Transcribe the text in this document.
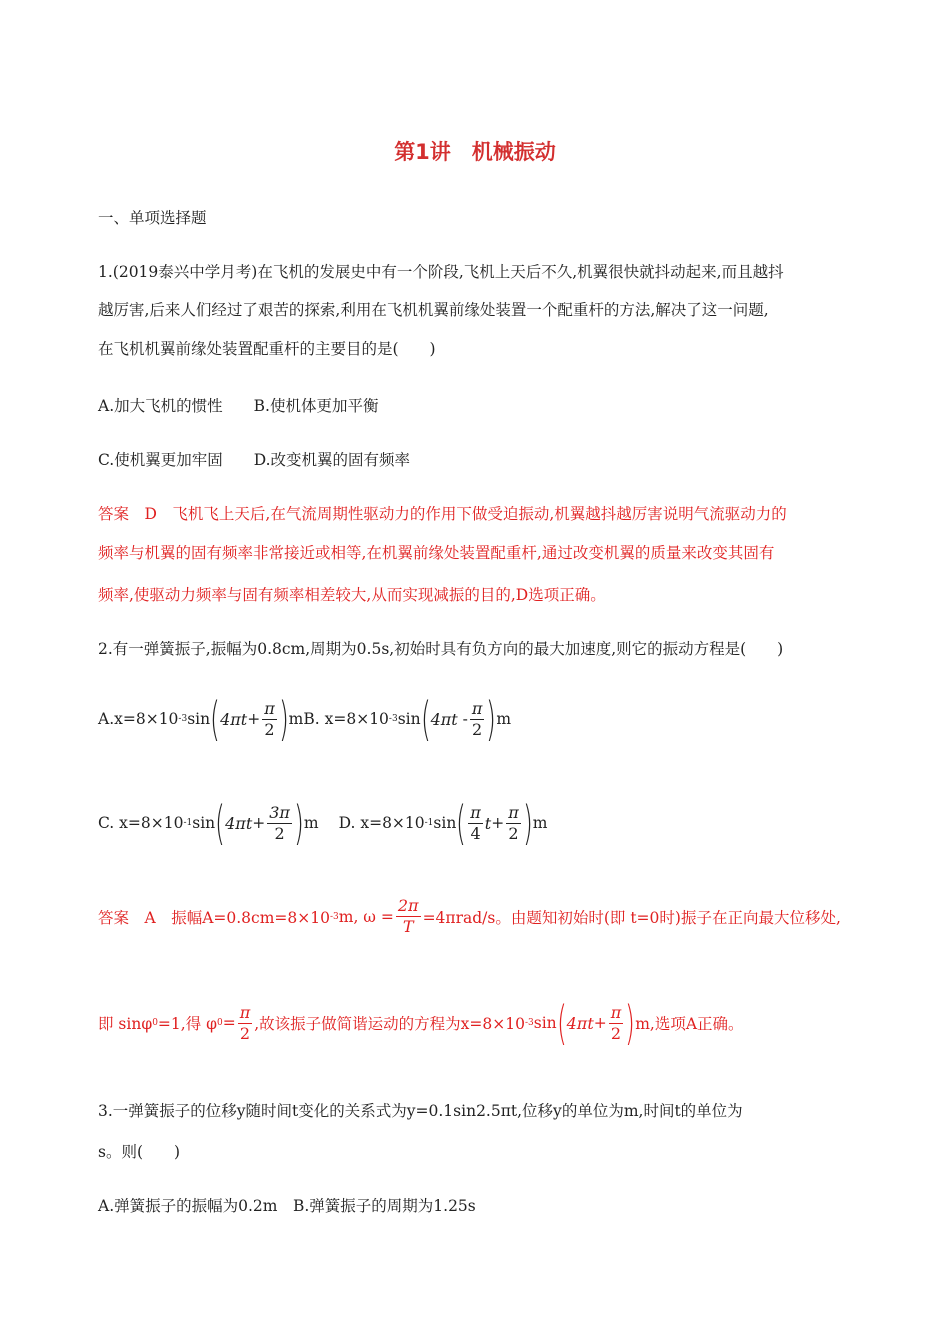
第1讲　机械振动
一、单项选择题
1.(2019泰兴中学月考)在飞机的发展史中有一个阶段,飞机上天后不久,机翼很快就抖动起来,而且越抖
越厉害,后来人们经过了艰苦的探索,利用在飞机机翼前缘处装置一个配重杆的方法,解决了这一问题,
在飞机机翼前缘处装置配重杆的主要目的是(　　)
A.加大飞机的惯性　　B.使机体更加平衡
C.使机翼更加牢固　　D.改变机翼的固有频率
答案　D　飞机飞上天后,在气流周期性驱动力的作用下做受迫振动,机翼越抖越厉害说明气流驱动力的
频率与机翼的固有频率非常接近或相等,在机翼前缘处装置配重杆,通过改变机翼的质量来改变其固有
频率,使驱动力频率与固有频率相差较大,从而实现减振的目的,D选项正确。
2.有一弹簧振子,振幅为0.8cm,周期为0.5s,初始时具有负方向的最大加速度,则它的振动方程是(　　)
A.x=8×10 -3 sin ( 4π $t + \frac{\pi}{2}$ ) m B. x=8×10 -3 sin ( 4π t
- $\frac{\pi}{2}$ ) m
C. x=8×10 -1 sin ( 4π $t + \frac{3\pi}{2}$ ) m D. x=8×10 -1 sin ( $\frac{\pi}{4}$ $t + \frac{\pi}{2}$ ) m
答案　A　振幅A=0.8cm=8×10 -3 m, $\omega = \frac{2\pi}{T} =4\pi rad/s$。由题知初始时(即 t=0时)振子在正向最大位移处,
即 sinφ 0 =1,得 φ $0 = \frac{\pi}{2}$ ,故该振子做简谐运动的方程为x=8×10 -3 sin ( 4π $t + \frac{\pi}{2}$ ) m,选项A正确。
3.一弹簧振子的位移y随时间t变化的关系式为y=0.1sin2.5πt,位移y的单位为m,时间t的单位为
s。则(　　)
A.弹簧振子的振幅为0.2m　B.弹簧振子的周期为1.25s
